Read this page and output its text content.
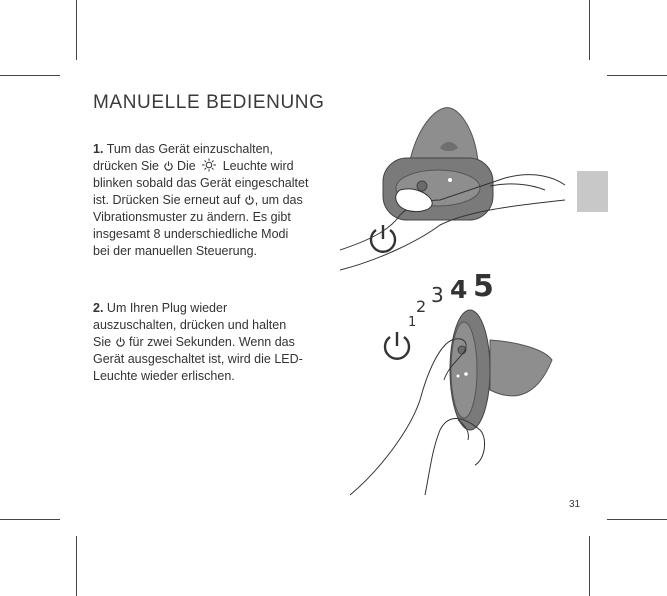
MANUELLE BEDIENUNG
1. Tum das Gerät einzuschalten,
drücken Sie Die Leuchte wird
blinken sobald das Gerät eingeschaltet
ist. Drücken Sie erneut auf , um das
Vibrationsmuster zu ändern. Es gibt
insgesamt 8 underschiedliche Modi
bei der manuellen Steuerung.
2. Um Ihren Plug wieder
auszuschalten, drücken und halten
Sie für zwei Sekunden. Wenn das
Gerät ausgeschaltet ist, wird die LED-
Leuchte wieder erlischen.
1
2 3 4 5
31
